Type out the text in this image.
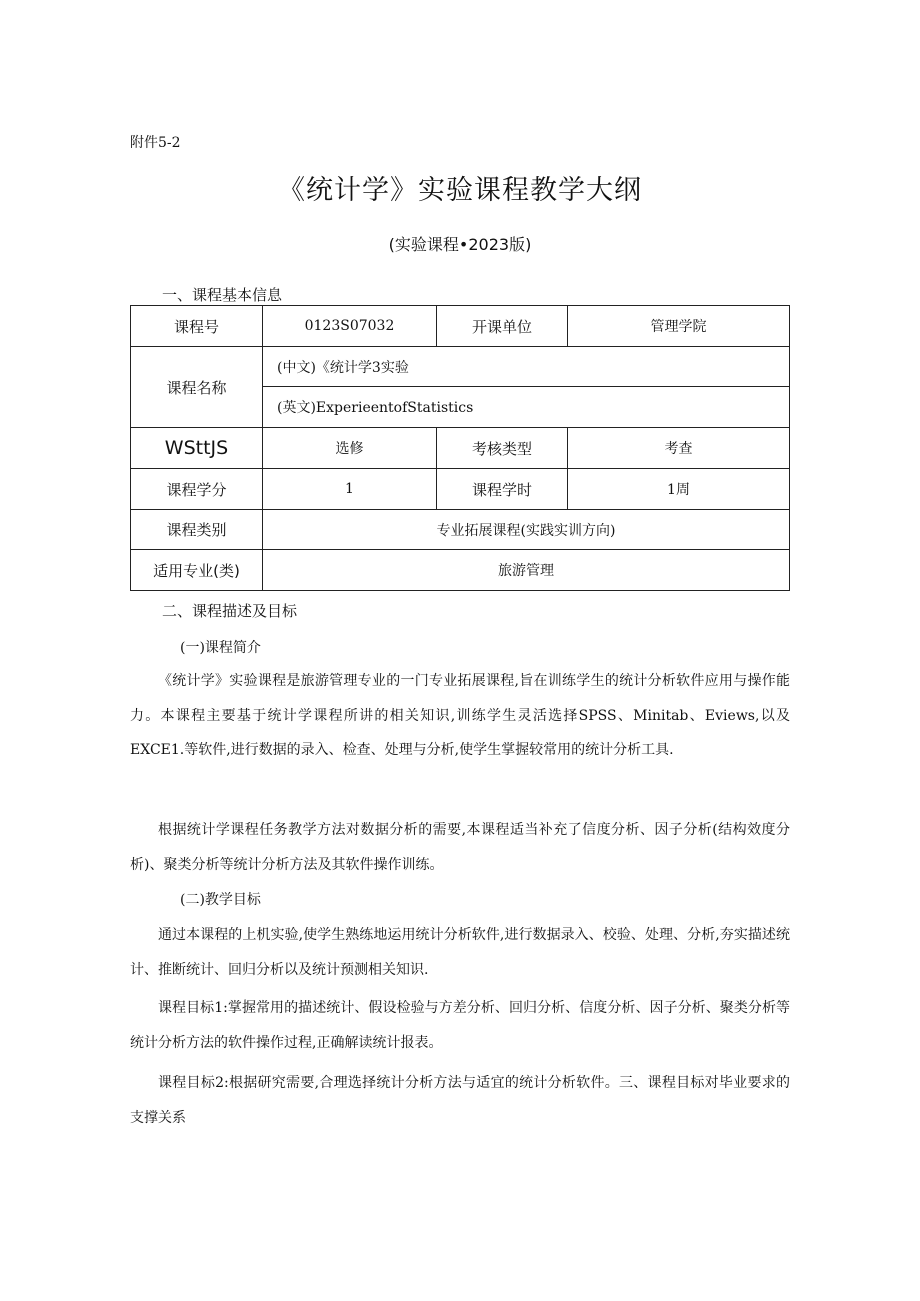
附件5-2
《统计学》实验课程教学大纲
(实验课程•2023版)
一、课程基本信息
课程号	0123S07032	开课单位	管理学院
课程名称	(中文)《统计学3实验		
	(英文)ExperieentofStatistics		
WSttJS	选修	考核类型	考查
课程学分	1	课程学时	1周
课程类别	专业拓展课程(实践实训方向)		
适用专业(类)	旅游管理		
二、课程描述及目标
(一)课程简介

《统计学》实验课程是旅游管理专业的一门专业拓展课程,旨在训练学生的统计分析软件应用与操作能力。本课程主要基于统计学课程所讲的相关知识,训练学生灵活选择SPSS、Minitab、Eviews,以及EXCE1.等软件,进行数据的录入、检查、处理与分析,使学生掌握较常用的统计分析工具.

根据统计学课程任务教学方法对数据分析的需要,本课程适当补充了信度分析、因子分析(结构效度分析)、聚类分析等统计分析方法及其软件操作训练。

(二)教学目标

通过本课程的上机实验,使学生熟练地运用统计分析软件,进行数据录入、校验、处理、分析,夯实描述统计、推断统计、回归分析以及统计预测相关知识.

课程目标1:掌握常用的描述统计、假设检验与方差分析、回归分析、信度分析、因子分析、聚类分析等统计分析方法的软件操作过程,正确解读统计报表。

课程目标2:根据研究需要,合理选择统计分析方法与适宜的统计分析软件。三、课程目标对毕业要求的支撑关系
